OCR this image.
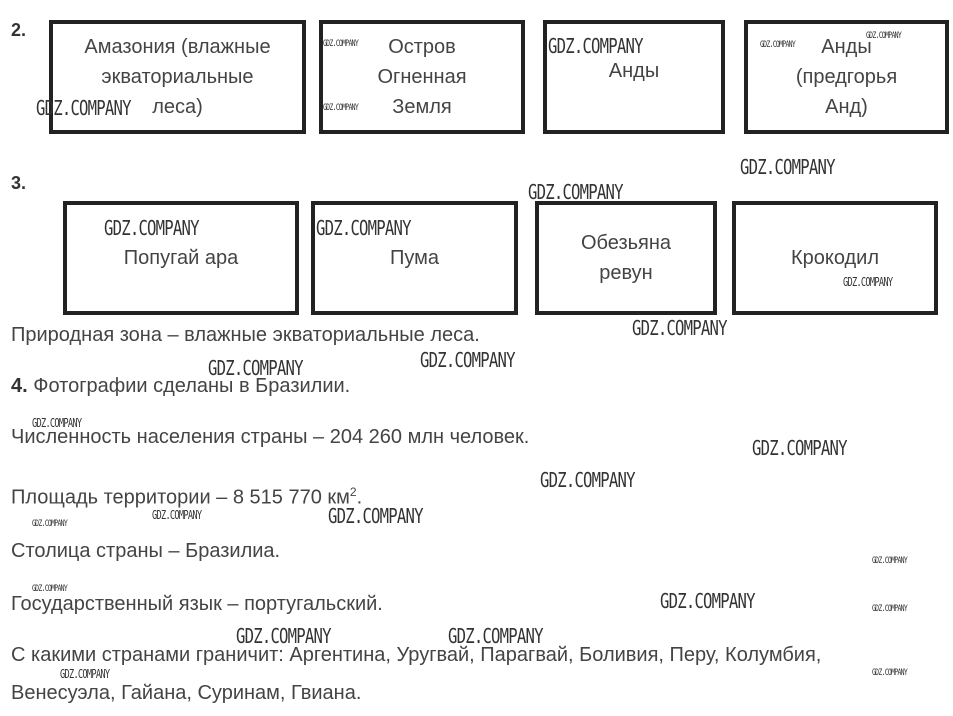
2.
Амазония (влажные
экваториальные
леса)
Остров
Огненная
Земля
Анды
Анды
(предгорья
Анд)
3.
Попугай ара	Пума
Обезьяна
ревун
Крокодил
Природная зона – влажные экваториальные леса.
4. Фотографии сделаны в Бразилии.
Численность населения страны – 204 260 млн человек.
Площадь территории – 8 515 770 $км^2$.
Столица страны – Бразилиа.
Государственный язык – португальский.
С какими странами граничит: Аргентина, Уругвай, Парагвай, Боливия, Перу, Колумбия,
Венесуэла, Гайана, Суринам, Гвиана.
GDZ.COMPANY
GDZ.COMPANY
GDZ.COMPANY
GDZ.COMPANY	GDZ.COMPANY
GDZ.COMPANY
GDZ.COMPANY
GDZ.COMPANY
GDZ.COMPANY	GDZ.COMPANY
GDZ.COMPANY
GDZ.COMPANY
GDZ.COMPANY
GDZ.COMPANY
GDZ.COMPANY
GDZ.COMPANY
GDZ.COMPANY
GDZ.COMPANY
GDZ.COMPANY
GDZ.COMPANY
GDZ.COMPANY
GDZ.COMPANY	GDZ.COMPANY	GDZ.COMPANY
GDZ.COMPANY	GDZ.COMPANY
GDZ.COMPANY	GDZ.COMPANY
